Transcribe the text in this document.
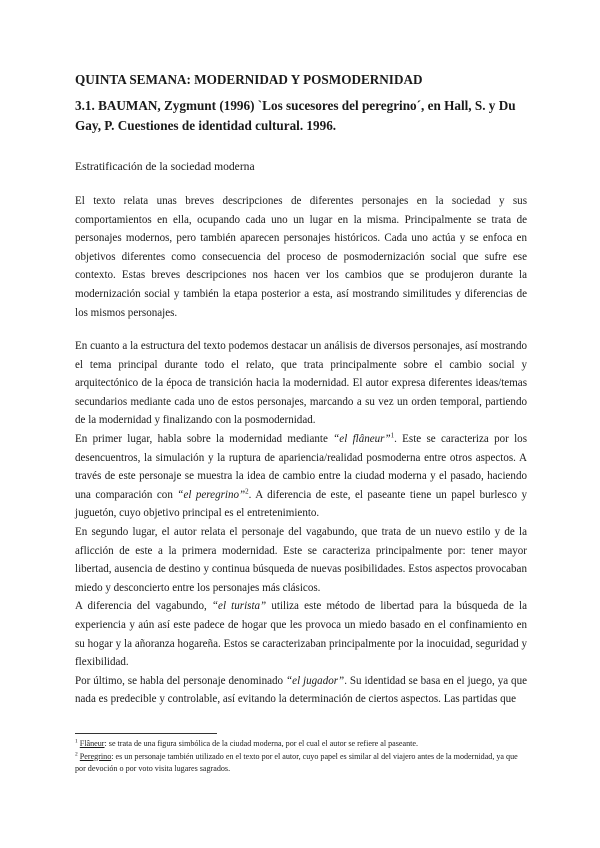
QUINTA SEMANA: MODERNIDAD Y POSMODERNIDAD
3.1. BAUMAN, Zygmunt (1996) `Los sucesores del peregrino´, en Hall, S. y Du Gay, P. Cuestiones de identidad cultural. 1996.
Estratificación de la sociedad moderna

El texto relata unas breves descripciones de diferentes personajes en la sociedad y sus comportamientos en ella, ocupando cada uno un lugar en la misma. Principalmente se trata de personajes modernos, pero también aparecen personajes históricos. Cada uno actúa y se enfoca en objetivos diferentes como consecuencia del proceso de posmodernización social que sufre ese contexto. Estas breves descripciones nos hacen ver los cambios que se produjeron durante la modernización social y también la etapa posterior a esta, así mostrando similitudes y diferencias de los mismos personajes.

En cuanto a la estructura del texto podemos destacar un análisis de diversos personajes, así mostrando el tema principal durante todo el relato, que trata principalmente sobre el cambio social y arquitectónico de la época de transición hacia la modernidad. El autor expresa diferentes ideas/temas secundarios mediante cada uno de estos personajes, marcando a su vez un orden temporal, partiendo de la modernidad y finalizando con la posmodernidad.

En primer lugar, habla sobre la modernidad mediante “el flâneur”$^1$. Este se caracteriza por los desencuentros, la simulación y la ruptura de apariencia/realidad posmoderna entre otros aspectos. A través de este personaje se muestra la idea de cambio entre la ciudad moderna y el pasado, haciendo una comparación con “el peregrino”$^2$. A diferencia de este, el paseante tiene un papel burlesco y juguetón, cuyo objetivo principal es el entretenimiento.

En segundo lugar, el autor relata el personaje del vagabundo, que trata de un nuevo estilo y de la aflicción de este a la primera modernidad. Este se caracteriza principalmente por: tener mayor libertad, ausencia de destino y continua búsqueda de nuevas posibilidades. Estos aspectos provocaban miedo y desconcierto entre los personajes más clásicos.

A diferencia del vagabundo, “el turista” utiliza este método de libertad para la búsqueda de la experiencia y aún así este padece de hogar que les provoca un miedo basado en el confinamiento en su hogar y la añoranza hogareña. Estos se caracterizaban principalmente por la inocuidad, seguridad y flexibilidad.

Por último, se habla del personaje denominado “el jugador”. Su identidad se basa en el juego, ya que nada es predecible y controlable, así evitando la determinación de ciertos aspectos. Las partidas que

$^1$ Flâneur: se trata de una figura simbólica de la ciudad moderna, por el cual el autor se refiere al paseante.

$^2$ Peregrino: es un personaje también utilizado en el texto por el autor, cuyo papel es similar al del viajero antes de la modernidad, ya que por devoción o por voto visita lugares sagrados.
